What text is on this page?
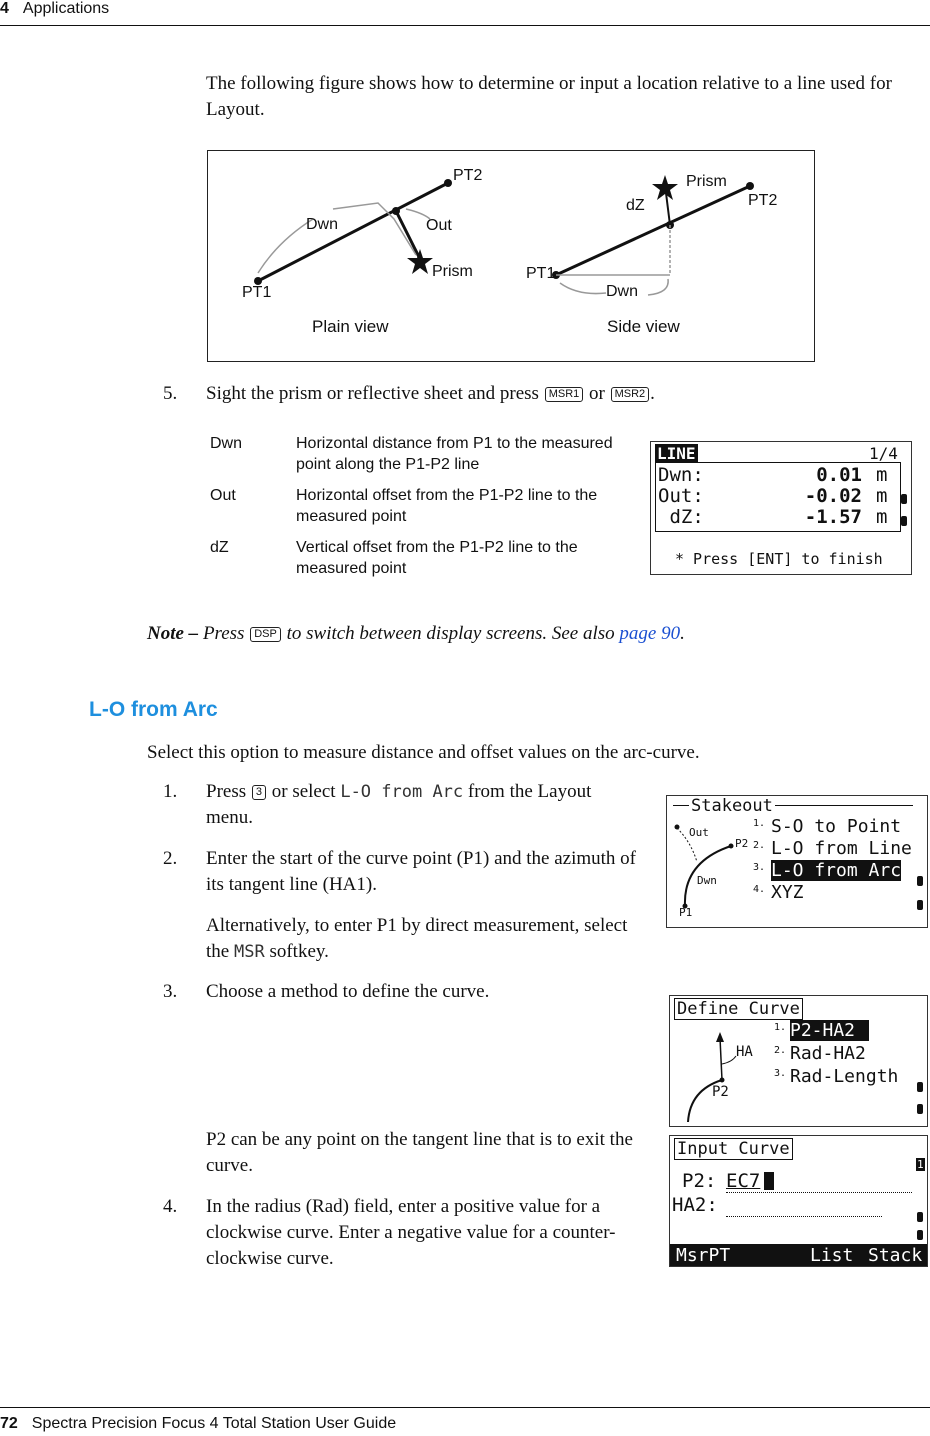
4 Applications
The following figure shows how to determine or input a location relative to a line used for Layout.
PT2
Dwn	Out
Prism
PT1
Plain view
Prism
dZ	PT2
PT1
Dwn
Side view
5. Sight the prism or reflective sheet and press MSR1 or MSR2 .
Dwn	Horizontal distance from P1 to the measured point along the P1-P2 line
Out	Horizontal offset from the P1-P2 line to the measured point
dZ	Vertical offset from the P1-P2 line to the measured point
LINE	1/4
Dwn:	0.01 m
Out:	-0.02 m
dZ:	-1.57 m
* Press [ENT] to finish
Note – Press DSP to switch between display screens. See also page 90.
L-O from Arc
Select this option to measure distance and offset values on the arc-curve.
1. Press 3 or select L-O from Arc from the Layout menu.
2. Enter the start of the curve point (P1) and the azimuth of its tangent line (HA1).
Alternatively, to enter P1 by direct measurement, select the MSR softkey.
3. Choose a method to define the curve.
P2 can be any point on the tangent line that is to exit the curve.
4. In the radius (Rad) field, enter a positive value for a clockwise curve. Enter a negative value for a counter-clockwise curve.
Stakeout
Out
P2
Dwn
P1
1. S-O to Point
2. L-O from Line
3. L-O from Arc
4. XYZ
Define Curve
HA
P2
1. P2-HA2
2. Rad-HA2
3. Rad-Length
Input Curve
1
P2: EC7
HA2:
MsrPT	List Stack
72 Spectra Precision Focus 4 Total Station User Guide
